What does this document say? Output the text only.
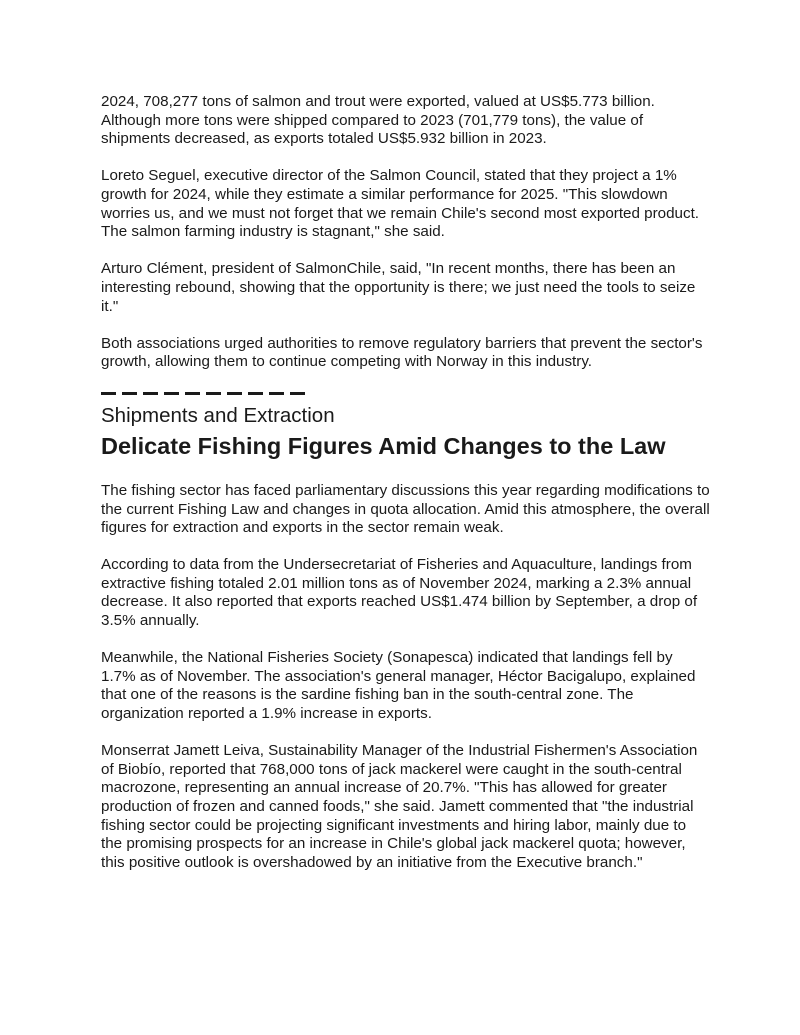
2024, 708,277 tons of salmon and trout were exported, valued at US$5.773 billion. Although more tons were shipped compared to 2023 (701,779 tons), the value of shipments decreased, as exports totaled US$5.932 billion in 2023.

Loreto Seguel, executive director of the Salmon Council, stated that they project a 1% growth for 2024, while they estimate a similar performance for 2025. "This slowdown worries us, and we must not forget that we remain Chile's second most exported product. The salmon farming industry is stagnant," she said.

Arturo Clément, president of SalmonChile, said, "In recent months, there has been an interesting rebound, showing that the opportunity is there; we just need the tools to seize it."

Both associations urged authorities to remove regulatory barriers that prevent the sector's growth, allowing them to continue competing with Norway in this industry.

Shipments and Extraction
Delicate Fishing Figures Amid Changes to the Law

The fishing sector has faced parliamentary discussions this year regarding modifications to the current Fishing Law and changes in quota allocation. Amid this atmosphere, the overall figures for extraction and exports in the sector remain weak.

According to data from the Undersecretariat of Fisheries and Aquaculture, landings from extractive fishing totaled 2.01 million tons as of November 2024, marking a 2.3% annual decrease. It also reported that exports reached US$1.474 billion by September, a drop of 3.5% annually.

Meanwhile, the National Fisheries Society (Sonapesca) indicated that landings fell by 1.7% as of November. The association's general manager, Héctor Bacigalupo, explained that one of the reasons is the sardine fishing ban in the south-central zone. The organization reported a 1.9% increase in exports.

Monserrat Jamett Leiva, Sustainability Manager of the Industrial Fishermen's Association of Biobío, reported that 768,000 tons of jack mackerel were caught in the south-central macrozone, representing an annual increase of 20.7%. "This has allowed for greater production of frozen and canned foods," she said. Jamett commented that "the industrial fishing sector could be projecting significant investments and hiring labor, mainly due to the promising prospects for an increase in Chile's global jack mackerel quota; however, this positive outlook is overshadowed by an initiative from the Executive branch."
